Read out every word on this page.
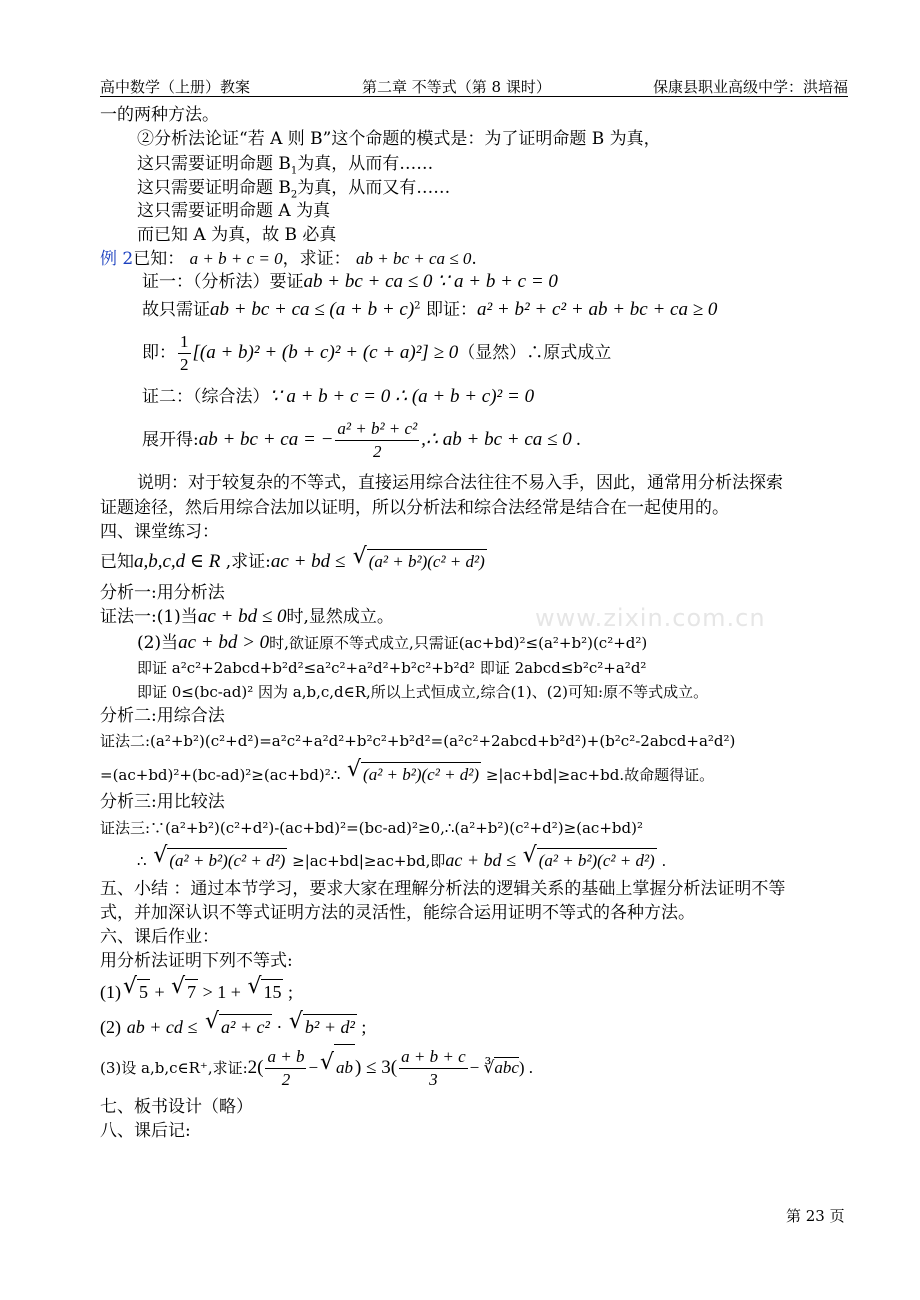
高中数学（上册）教案	第二章 不等式（第 8 课时）	保康县职业高级中学：洪培福
www.zixin.com.cn
一的两种方法。
②分析法论证“若 A 则 B”这个命题的模式是：为了证明命题 B 为真，
这只需要证明命题 $B_1$为真，从而有……
这只需要证明命题 $B_2$为真，从而又有……
这只需要证明命题 A 为真
而已知 A 为真，故 B 必真
例 2已知： a + b + c = 0，求证： ab + bc + ca ≤ 0.
证一：（分析法）要证ab + bc + ca ≤ 0 ∵ a + b + c = 0
故只需证ab + bc + ca ≤ $(a + b + c)^2$ 即证：a² + b² + c² + ab + bc + ca ≥ 0
即： $\frac{1}{2} [(a + b)^2 + (b + c)^2 + (c + a)^2] \ge 0$（显然）∴原式成立
证二：（综合法）∵ a + b + c = 0 ∴ (a + b + c)² = 0
展开得:ab + bc + ca = − $\frac{\text{a² + b² + c²}}{2}$ ,∴ ab + bc + ca ≤ 0 .
说明：对于较复杂的不等式，直接运用综合法往往不易入手，因此，通常用分析法探索
证题途径，然后用综合法加以证明，所以分析法和综合法经常是结合在一起使用的。
四、课堂练习：
已知a,b,c,d ∈ R ,求证:ac + bd ≤ √ (a² + b²)(c² + d²)
分析一:用分析法
证法一:(1)当ac + bd ≤ 0时,显然成立。
(2)当ac + bd > 0时,欲证原不等式成立,只需证(ac+bd)²≤(a²+b²)(c²+d²)
即证 a²c²+2abcd+b²d²≤a²c²+a²d²+b²c²+b²d² 即证 2abcd≤b²c²+a²d²
即证 0≤(bc-ad)² 因为 a,b,c,d∈R,所以上式恒成立,综合(1)、(2)可知:原不等式成立。
分析二:用综合法
证法二:(a²+b²)(c²+d²)=a²c²+a²d²+b²c²+b²d²=(a²c²+2abcd+b²d²)+(b²c²-2abcd+a²d²)
=(ac+bd)²+(bc-ad)²≥(ac+bd)²∴ √ (a² + b²)(c² + d²) ≥|ac+bd|≥ac+bd.故命题得证。
分析三:用比较法
证法三:∵(a²+b²)(c²+d²)-(ac+bd)²=(bc-ad)²≥0,∴(a²+b²)(c²+d²)≥(ac+bd)²
∴ √ (a² + b²)(c² + d²) ≥|ac+bd|≥ac+bd,即ac + bd ≤ √ (a² + b²)(c² + d²) .
五、小结 ：通过本节学习，要求大家在理解分析法的逻辑关系的基础上掌握分析法证明不等
式，并加深认识不等式证明方法的灵活性，能综合运用证明不等式的各种方法。
六、课后作业：
用分析法证明下列不等式:
(1) √ 5 + √ 7 > 1 + √ 15 ;
(2) ab + cd ≤ √ a² + c² · √ b² + d² ;
(3)设 a,b,c∈R⁺,求证:2( $\frac{a + b}{2}$ − √ ab ) ≤ $3( \frac{a + b + c}{3}$ − ∛abc) .
七、板书设计（略）
八、课后记:
第 23 页
